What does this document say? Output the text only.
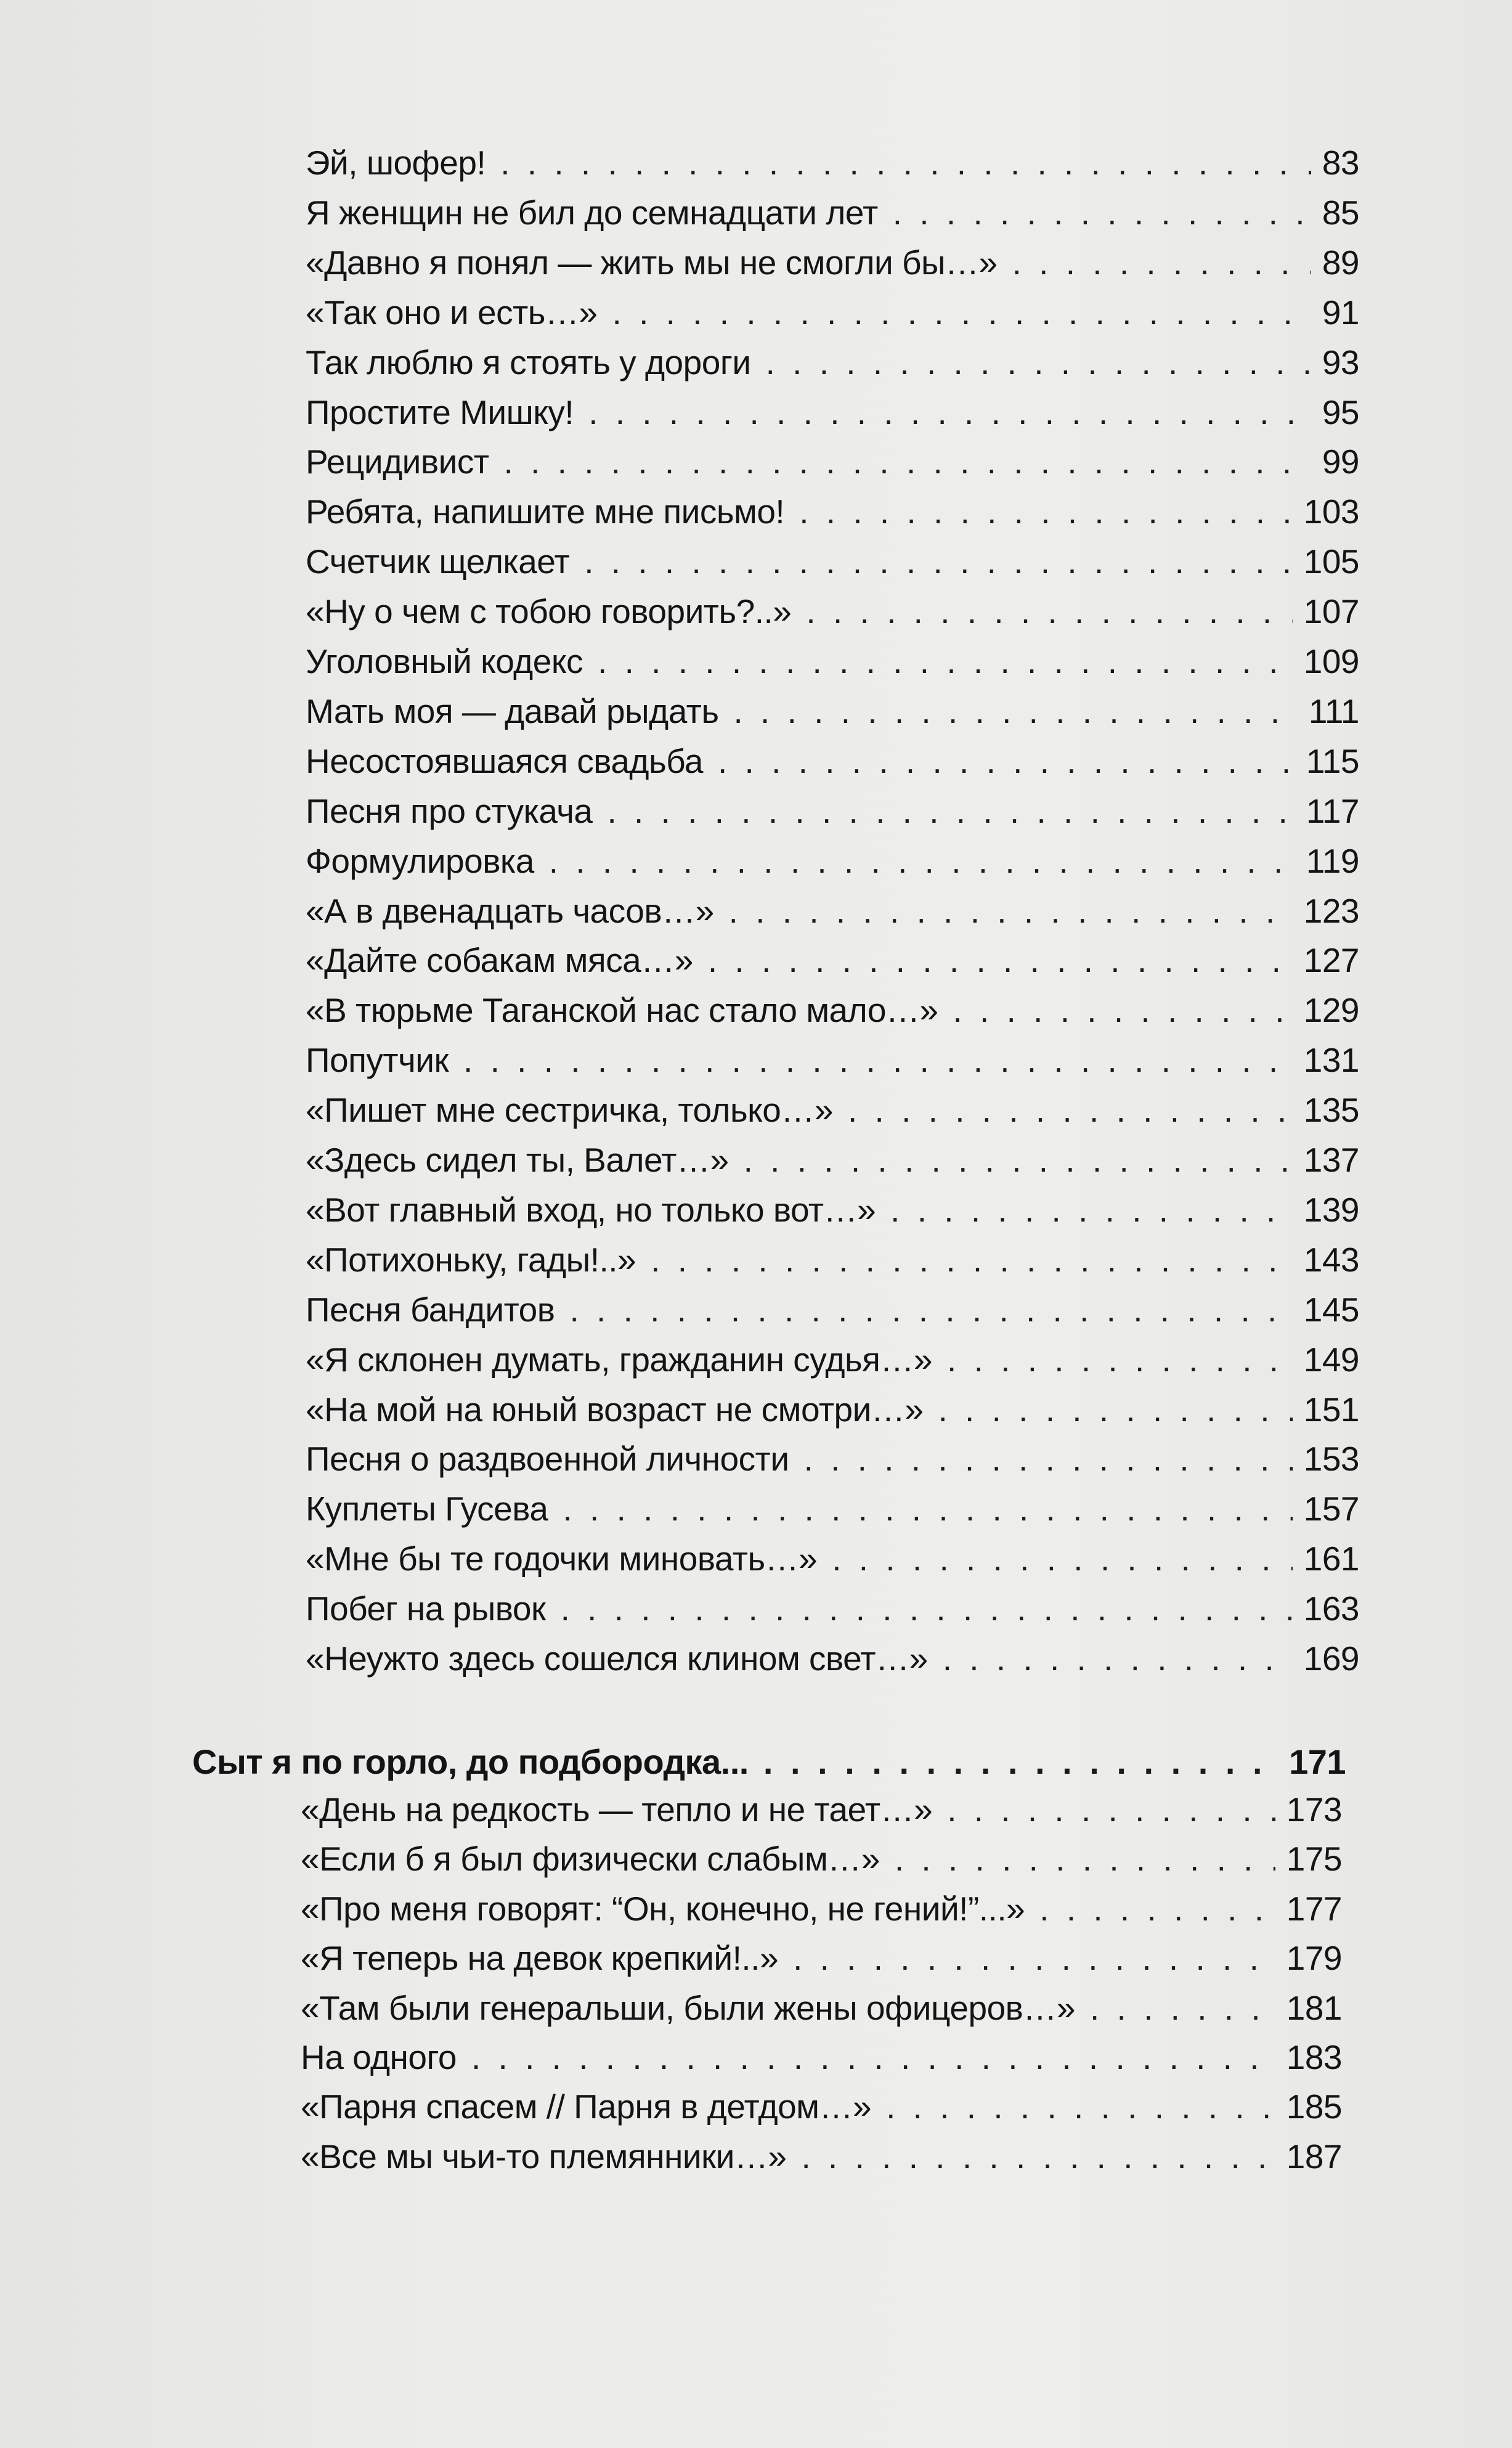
Эй, шофер! . . .	83
Я женщин не бил до семнадцати лет . . .	85
«Давно я понял — жить мы не смогли бы…» . . .	89
«Так оно и есть…» . . .	91
Так люблю я стоять у дороги . . .	93
Простите Мишку! . . .	95
Рецидивист . . .	99
Ребята, напишите мне письмо! . . .	103
Счетчик щелкает . . .	105
«Ну о чем с тобою говорить?..» . . .	107
Уголовный кодекс . . .	109
Мать моя — давай рыдать . . .	111
Несостоявшаяся свадьба . . .	115
Песня про стукача . . .	117
Формулировка . . .	119
«А в двенадцать часов…» . . .	123
«Дайте собакам мяса…» . . .	127
«В тюрьме Таганской нас стало мало…» . . .	129
Попутчик . . .	131
«Пишет мне сестричка, только…» . . .	135
«Здесь сидел ты, Валет…» . . .	137
«Вот главный вход, но только вот…» . . .	139
«Потихоньку, гады!..» . . .	143
Песня бандитов . . .	145
«Я склонен думать, гражданин судья…» . . .	149
«На мой на юный возраст не смотри…» . . .	151
Песня о раздвоенной личности . . .	153
Куплеты Гусева . . .	157
«Мне бы те годочки миновать…» . . .	161
Побег на рывок . . .	163
«Неужто здесь сошелся клином свет…» . . .	169
Сыт я по горло, до подбородка... . . .	171
«День на редкость — тепло и не тает…» . . .	173
«Если б я был физически слабым…» . . .	175
«Про меня говорят: “Он, конечно, не гений!”...» . . .	177
«Я теперь на девок крепкий!..» . . .	179
«Там были генеральши, были жены офицеров…» . . .	181
На одного . . .	183
«Парня спасем // Парня в детдом…» . . .	185
«Все мы чьи-то племянники…» . . .	187
